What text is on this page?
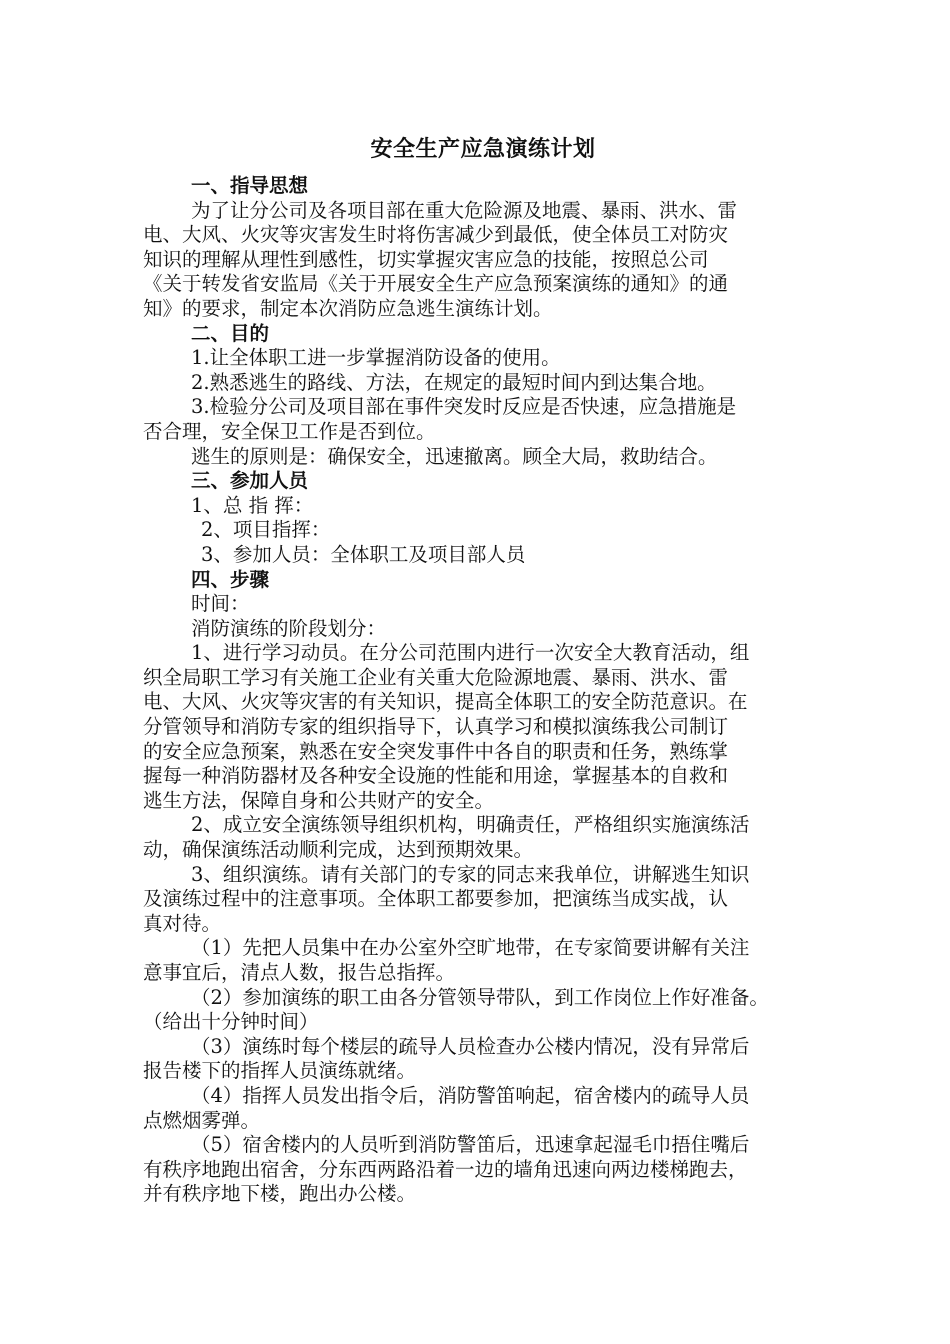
安全生产应急演练计划
一、指导思想
为了让分公司及各项目部在重大危险源及地震、暴雨、洪水、雷
电、大风、火灾等灾害发生时将伤害减少到最低，使全体员工对防灾
知识的理解从理性到感性，切实掌握灾害应急的技能，按照总公司
《关于转发省安监局《关于开展安全生产应急预案演练的通知》的通
知》的要求，制定本次消防应急逃生演练计划。
二、目的
1.让全体职工进一步掌握消防设备的使用。
2.熟悉逃生的路线、方法，在规定的最短时间内到达集合地。
3.检验分公司及项目部在事件突发时反应是否快速，应急措施是
否合理，安全保卫工作是否到位。
逃生的原则是：确保安全，迅速撤离。顾全大局，救助结合。
三、参加人员
1、总 指 挥：
2、项目指挥：
3、参加人员：全体职工及项目部人员
四、步骤
时间：
消防演练的阶段划分：
1、进行学习动员。在分公司范围内进行一次安全大教育活动，组
织全局职工学习有关施工企业有关重大危险源地震、暴雨、洪水、雷
电、大风、火灾等灾害的有关知识，提高全体职工的安全防范意识。在
分管领导和消防专家的组织指导下，认真学习和模拟演练我公司制订
的安全应急预案，熟悉在安全突发事件中各自的职责和任务，熟练掌
握每一种消防器材及各种安全设施的性能和用途，掌握基本的自救和
逃生方法，保障自身和公共财产的安全。
2、成立安全演练领导组织机构，明确责任，严格组织实施演练活
动，确保演练活动顺利完成，达到预期效果。
3、组织演练。请有关部门的专家的同志来我单位，讲解逃生知识
及演练过程中的注意事项。全体职工都要参加，把演练当成实战，认
真对待。
（1）先把人员集中在办公室外空旷地带，在专家简要讲解有关注
意事宜后，清点人数，报告总指挥。
（2）参加演练的职工由各分管领导带队，到工作岗位上作好准备。
（给出十分钟时间）
（3）演练时每个楼层的疏导人员检查办公楼内情况，没有异常后
报告楼下的指挥人员演练就绪。
（4）指挥人员发出指令后，消防警笛响起，宿舍楼内的疏导人员
点燃烟雾弹。
（5）宿舍楼内的人员听到消防警笛后，迅速拿起湿毛巾捂住嘴后
有秩序地跑出宿舍，分东西两路沿着一边的墙角迅速向两边楼梯跑去，
并有秩序地下楼，跑出办公楼。
